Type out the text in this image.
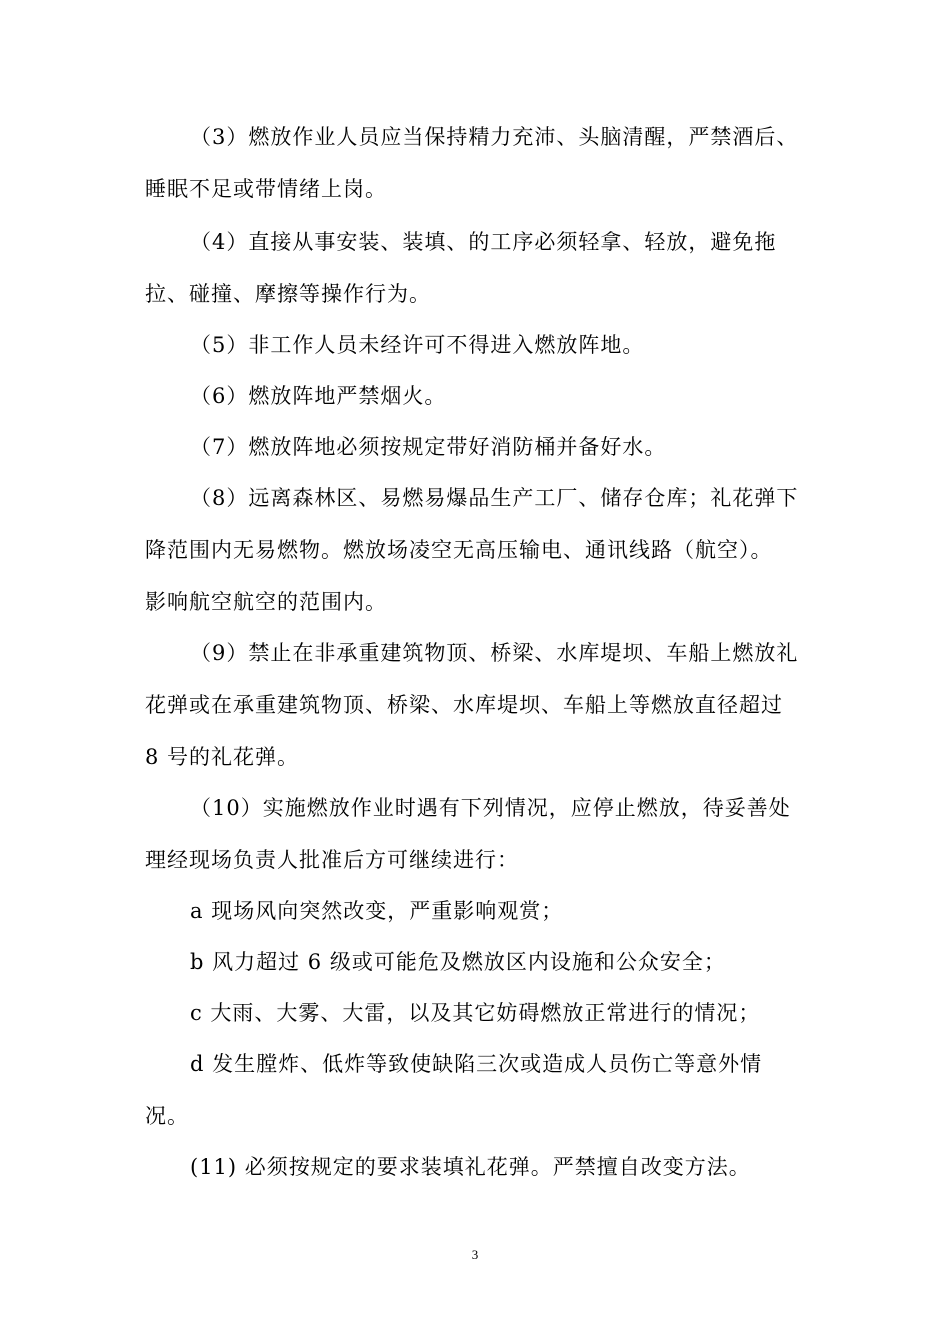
（3）燃放作业人员应当保持精力充沛、头脑清醒，严禁酒后、
睡眠不足或带情绪上岗。
（4）直接从事安装、装填、的工序必须轻拿、轻放，避免拖
拉、碰撞、摩擦等操作行为。
（5）非工作人员未经许可不得进入燃放阵地。
（6）燃放阵地严禁烟火。
（7）燃放阵地必须按规定带好消防桶并备好水。
（8）远离森林区、易燃易爆品生产工厂、储存仓库；礼花弹下
降范围内无易燃物。燃放场凌空无高压输电、通讯线路（航空）。
影响航空航空的范围内。
（9）禁止在非承重建筑物顶、桥梁、水库堤坝、车船上燃放礼
花弹或在承重建筑物顶、桥梁、水库堤坝、车船上等燃放直径超过
8 号的礼花弹。
（10）实施燃放作业时遇有下列情况，应停止燃放，待妥善处
理经现场负责人批准后方可继续进行：
a 现场风向突然改变，严重影响观赏；
b 风力超过 6 级或可能危及燃放区内设施和公众安全；
c 大雨、大雾、大雷，以及其它妨碍燃放正常进行的情况；
d 发生膛炸、低炸等致使缺陷三次或造成人员伤亡等意外情
况。
(11) 必须按规定的要求装填礼花弹。严禁擅自改变方法。
3
